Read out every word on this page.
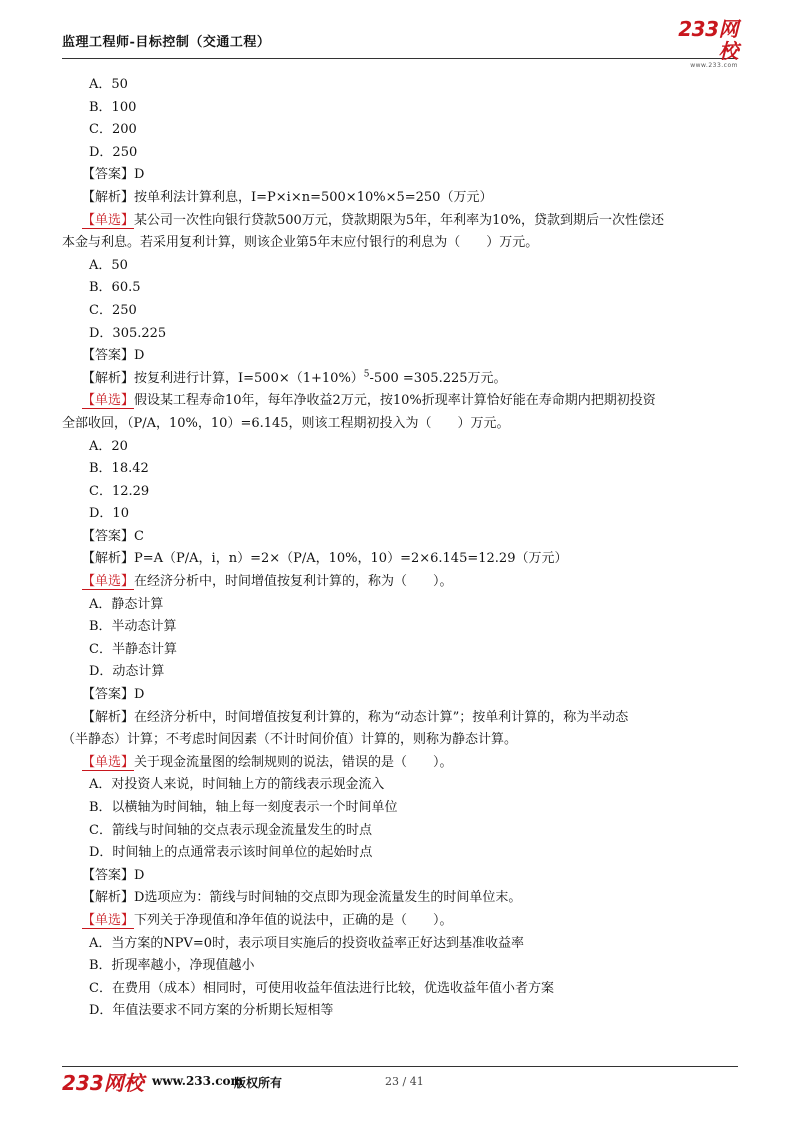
监理工程师-目标控制（交通工程）
233网校
www.233.com
A．50
B．100
C．200
D．250
【答案】D
【解析】按单利法计算利息，I=P×i×n=500×10%×5=250（万元）
【单选】某公司一次性向银行贷款500万元，贷款期限为5年，年利率为10%，贷款到期后一次性偿还
本金与利息。若采用复利计算，则该企业第5年末应付银行的利息为（　　）万元。
A．50
B．60.5
C．250
D．305.225
【答案】D
【解析】按复利进行计算，$I=500\times(1+10\%)^5-500 =305.225$万元。
【单选】假设某工程寿命10年，每年净收益2万元，按10%折现率计算恰好能在寿命期内把期初投资
全部收回，（P/A，10%，10）=6.145，则该工程期初投入为（　　）万元。
A．20
B．18.42
C．12.29
D．10
【答案】C
【解析】P=A（P/A，i，n）=2×（P/A，10%，10）=2×6.145=12.29（万元）
【单选】在经济分析中，时间增值按复利计算的，称为（　　）。
A．静态计算
B．半动态计算
C．半静态计算
D．动态计算
【答案】D
【解析】在经济分析中，时间增值按复利计算的，称为“动态计算”；按单利计算的，称为半动态
（半静态）计算；不考虑时间因素（不计时间价值）计算的，则称为静态计算。
【单选】关于现金流量图的绘制规则的说法，错误的是（　　）。
A．对投资人来说，时间轴上方的箭线表示现金流入
B．以横轴为时间轴，轴上每一刻度表示一个时间单位
C．箭线与时间轴的交点表示现金流量发生的时点
D．时间轴上的点通常表示该时间单位的起始时点
【答案】D
【解析】D选项应为：箭线与时间轴的交点即为现金流量发生的时间单位末。
【单选】下列关于净现值和净年值的说法中，正确的是（　　）。
A．当方案的NPV=0时，表示项目实施后的投资收益率正好达到基准收益率
B．折现率越小，净现值越小
C．在费用（成本）相同时，可使用收益年值法进行比较，优选收益年值小者方案
D．年值法要求不同方案的分析期长短相等
233网校 www.233.com
版权所有	23 / 41
